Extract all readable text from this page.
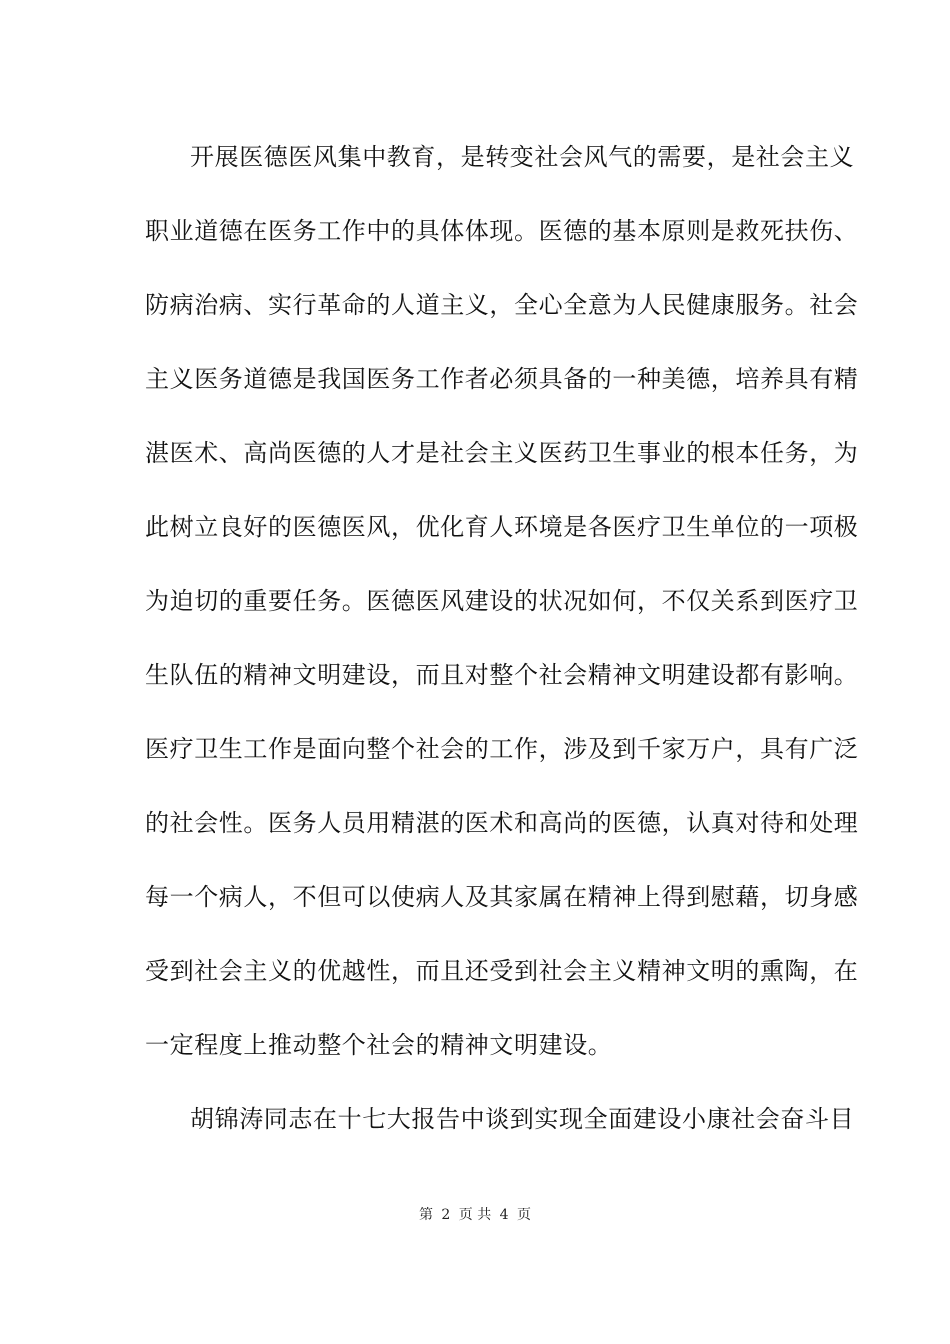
开展医德医风集中教育，是转变社会风气的需要，是社会主义
职业道德在医务工作中的具体体现。医德的基本原则是救死扶伤、
防病治病、实行革命的人道主义，全心全意为人民健康服务。社会
主义医务道德是我国医务工作者必须具备的一种美德，培养具有精
湛医术、高尚医德的人才是社会主义医药卫生事业的根本任务，为
此树立良好的医德医风，优化育人环境是各医疗卫生单位的一项极
为迫切的重要任务。医德医风建设的状况如何，不仅关系到医疗卫
生队伍的精神文明建设，而且对整个社会精神文明建设都有影响。
医疗卫生工作是面向整个社会的工作，涉及到千家万户，具有广泛
的社会性。医务人员用精湛的医术和高尚的医德，认真对待和处理
每一个病人，不但可以使病人及其家属在精神上得到慰藉，切身感
受到社会主义的优越性，而且还受到社会主义精神文明的熏陶，在
一定程度上推动整个社会的精神文明建设。
胡锦涛同志在十七大报告中谈到实现全面建设小康社会奋斗目
第 2 页 共 4 页
